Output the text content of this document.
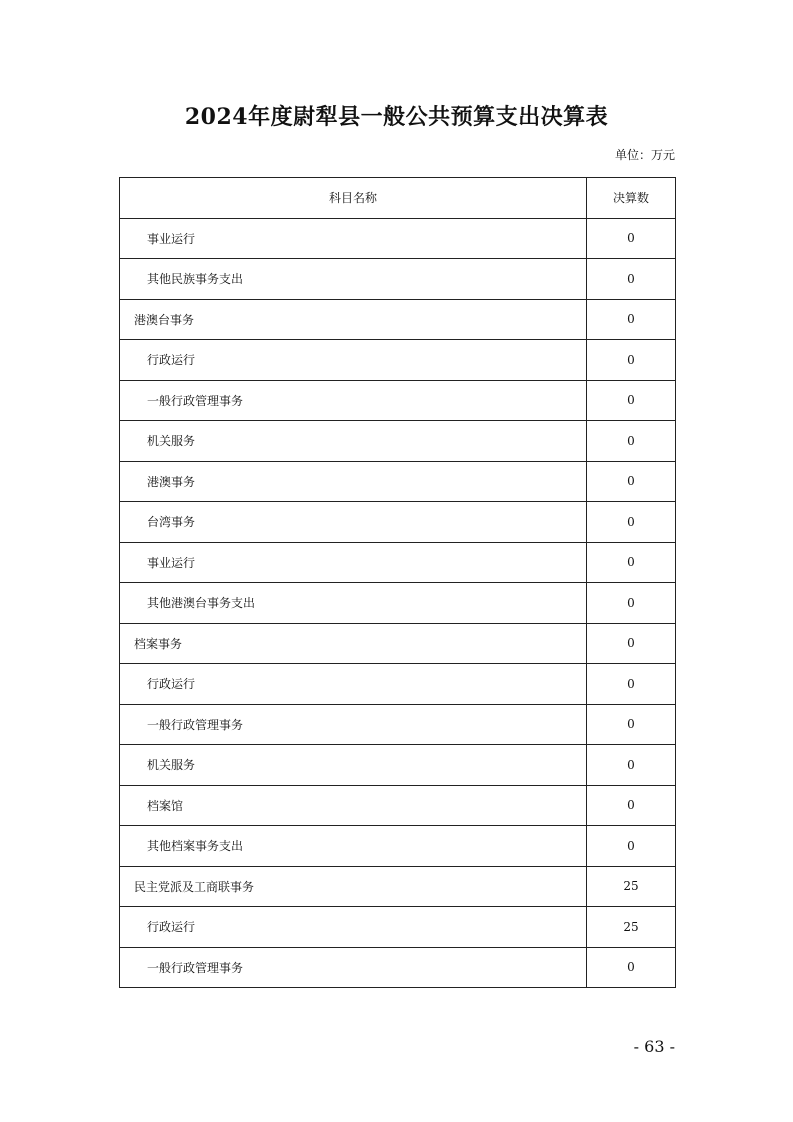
2024年度尉犁县一般公共预算支出决算表
单位：万元
科目名称	决算数
事业运行	0
其他民族事务支出	0
港澳台事务	0
行政运行	0
一般行政管理事务	0
机关服务	0
港澳事务	0
台湾事务	0
事业运行	0
其他港澳台事务支出	0
档案事务	0
行政运行	0
一般行政管理事务	0
机关服务	0
档案馆	0
其他档案事务支出	0
民主党派及工商联事务	25
行政运行	25
一般行政管理事务	0
- 63 -
